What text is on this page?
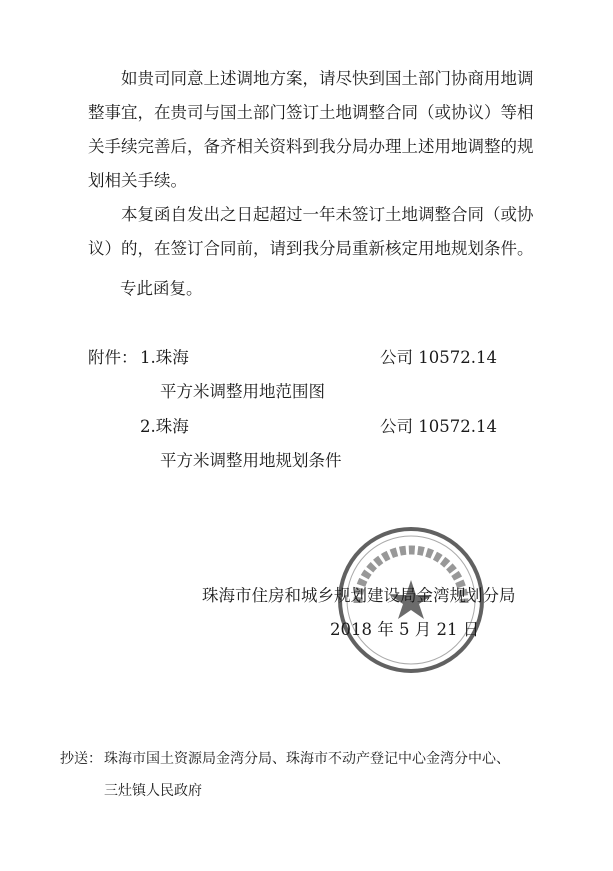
如贵司同意上述调地方案，请尽快到国土部门协商用地调整事宜，在贵司与国土部门签订土地调整合同（或协议）等相关手续完善后，备齐相关资料到我分局办理上述用地调整的规划相关手续。

本复函自发出之日起超过一年未签订土地调整合同（或协议）的，在签订合同前，请到我分局重新核定用地规划条件。

专此函复。

附件： 1.珠海	公司 10572.14
平方米调整用地范围图
2.珠海	公司 10572.14
平方米调整用地规划条件
珠海市住房和城乡规划建设局金湾规划分局
2018 年 5 月 21 日
抄送： 珠海市国土资源局金湾分局、珠海市不动产登记中心金湾分中心、
三灶镇人民政府
